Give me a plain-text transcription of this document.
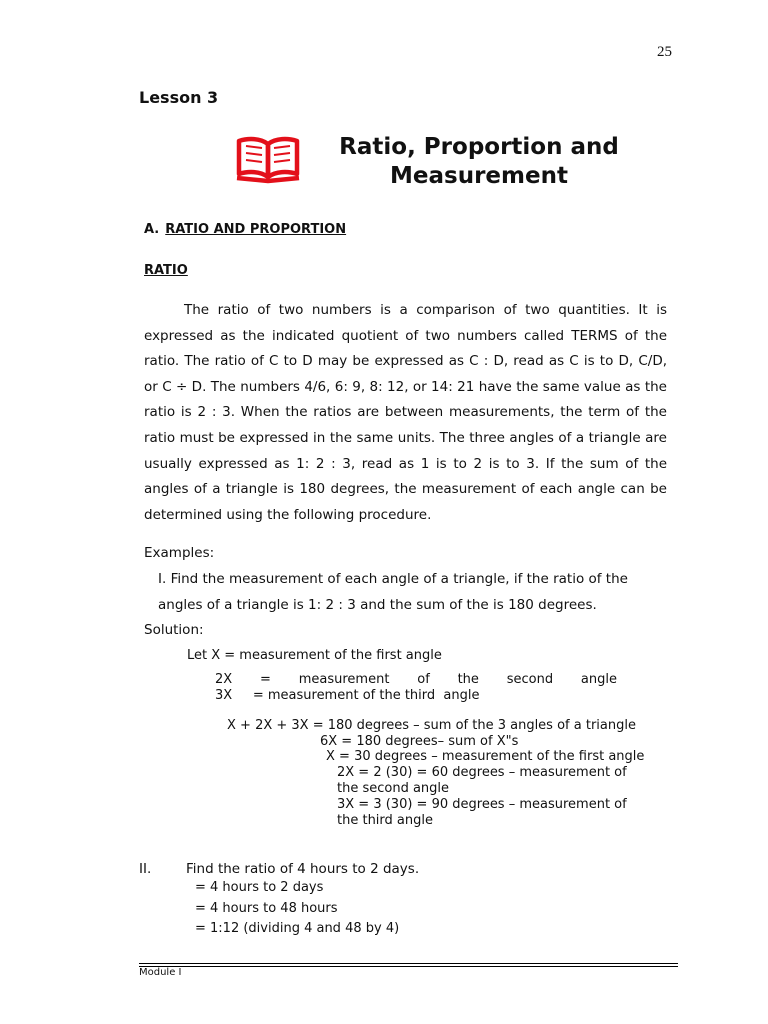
25
Lesson 3
Ratio, Proportion and
Measurement
A. RATIO AND PROPORTION
RATIO
The ratio of two numbers is a comparison of two quantities. It is expressed as the indicated quotient of two numbers called TERMS of the ratio. The ratio of C to D may be expressed as C : D, read as C is to D, C/D, or C ÷ D. The numbers 4/6, 6: 9, 8: 12, or 14: 21 have the same value as the ratio is 2 : 3. When the ratios are between measurements, the term of the ratio must be expressed in the same units. The three angles of a triangle are usually expressed as 1: 2 : 3, read as 1 is to 2 is to 3. If the sum of the angles of a triangle is 180 degrees, the measurement of each angle can be determined using the following procedure.
Examples:
I. Find the measurement of each angle of a triangle, if the ratio of the
angles of a triangle is 1: 2 : 3 and the sum of the is 180 degrees.
Solution:
Let X = measurement of the first angle
2X = measurement of the second angle
3X     = measurement of the third  angle
X + 2X + 3X = 180 degrees – sum of the 3 angles of a triangle
6X = 180 degrees– sum of X"s
X = 30 degrees – measurement of the first angle
2X = 2 (30) = 60 degrees – measurement of
the second angle
3X = 3 (30) = 90 degrees – measurement of
the third angle
II.	Find the ratio of 4 hours to 2 days.
= 4 hours to 2 days
= 4 hours to 48 hours
= 1:12 (dividing 4 and 48 by 4)
Module I
